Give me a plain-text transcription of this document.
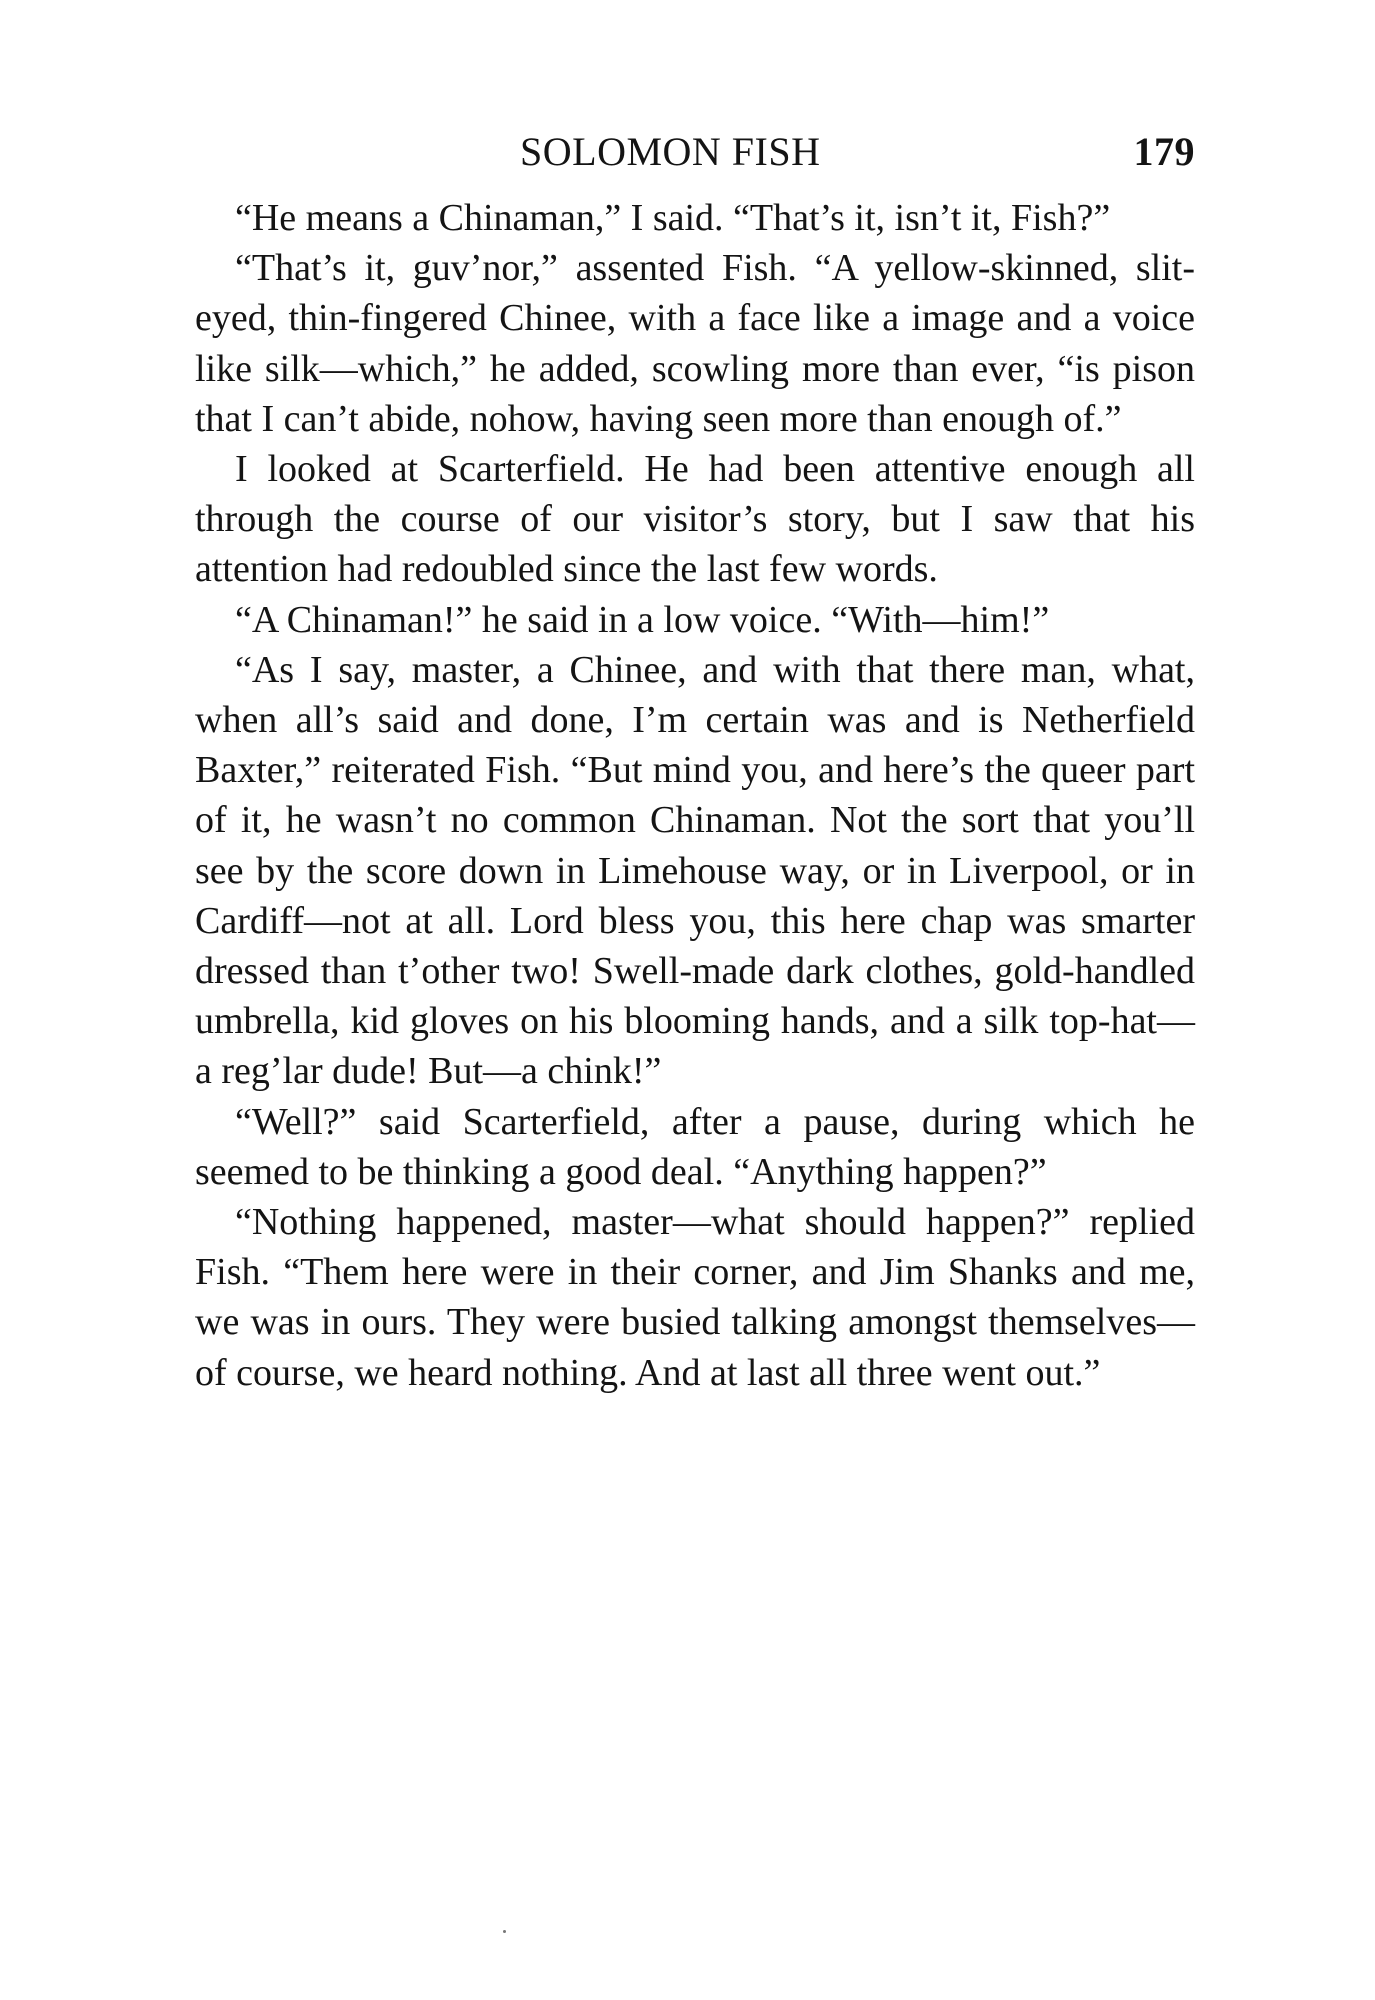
SOLOMON FISH	179

“He means a Chinaman,” I said. “That’s it, isn’t it, Fish?”

“That’s it, guv’nor,” assented Fish. “A yellow-skinned, slit-eyed, thin-fingered Chinee, with a face like a image and a voice like silk—which,” he added, scowling more than ever, “is pison that I can’t abide, nohow, having seen more than enough of.”

I looked at Scarterfield. He had been attentive enough all through the course of our visitor’s story, but I saw that his attention had redoubled since the last few words.

“A Chinaman!” he said in a low voice. “With—him!”

“As I say, master, a Chinee, and with that there man, what, when all’s said and done, I’m certain was and is Netherfield Baxter,” reiterated Fish. “But mind you, and here’s the queer part of it, he wasn’t no common Chinaman. Not the sort that you’ll see by the score down in Limehouse way, or in Liverpool, or in Cardiff—not at all. Lord bless you, this here chap was smarter dressed than t’other two! Swell-made dark clothes, gold-handled umbrella, kid gloves on his blooming hands, and a silk top-hat—a reg’lar dude! But—a chink!”

“Well?” said Scarterfield, after a pause, during which he seemed to be thinking a good deal. “Anything happen?”

“Nothing happened, master—what should happen?” replied Fish. “Them here were in their corner, and Jim Shanks and me, we was in ours. They were busied talking amongst themselves—of course, we heard nothing. And at last all three went out.”
